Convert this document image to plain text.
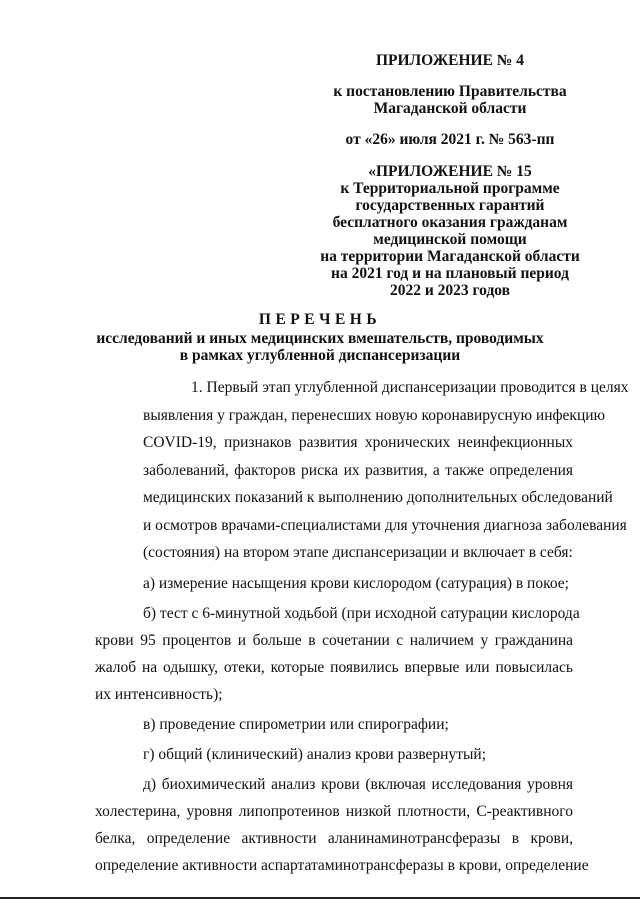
ПРИЛОЖЕНИЕ № 4
к постановлению Правительства
Магаданской области
от «26» июля 2021 г. № 563-пп
«ПРИЛОЖЕНИЕ № 15
к Территориальной программе
государственных гарантий
бесплатного оказания гражданам
медицинской помощи
на территории Магаданской области
на 2021 год и на плановый период
2022 и 2023 годов
ПЕРЕЧЕНЬ
исследований и иных медицинских вмешательств, проводимых
в рамках углубленной диспансеризации
1. Первый этап углубленной диспансеризации проводится в целях
выявления у граждан, перенесших новую коронавирусную инфекцию
COVID-19, признаков развития хронических неинфекционных
заболеваний, факторов риска их развития, а также определения
медицинских показаний к выполнению дополнительных обследований
и осмотров врачами-специалистами для уточнения диагноза заболевания
(состояния) на втором этапе диспансеризации и включает в себя:
а) измерение насыщения крови кислородом (сатурация) в покое;
б) тест с 6-минутной ходьбой (при исходной сатурации кислорода
крови 95 процентов и больше в сочетании с наличием у гражданина
жалоб на одышку, отеки, которые появились впервые или повысилась
их интенсивность);
в) проведение спирометрии или спирографии;
г) общий (клинический) анализ крови развернутый;
д) биохимический анализ крови (включая исследования уровня
холестерина, уровня липопротеинов низкой плотности, С-реактивного
белка, определение активности аланинаминотрансферазы в крови,
определение активности аспартатаминотрансферазы в крови, определение
